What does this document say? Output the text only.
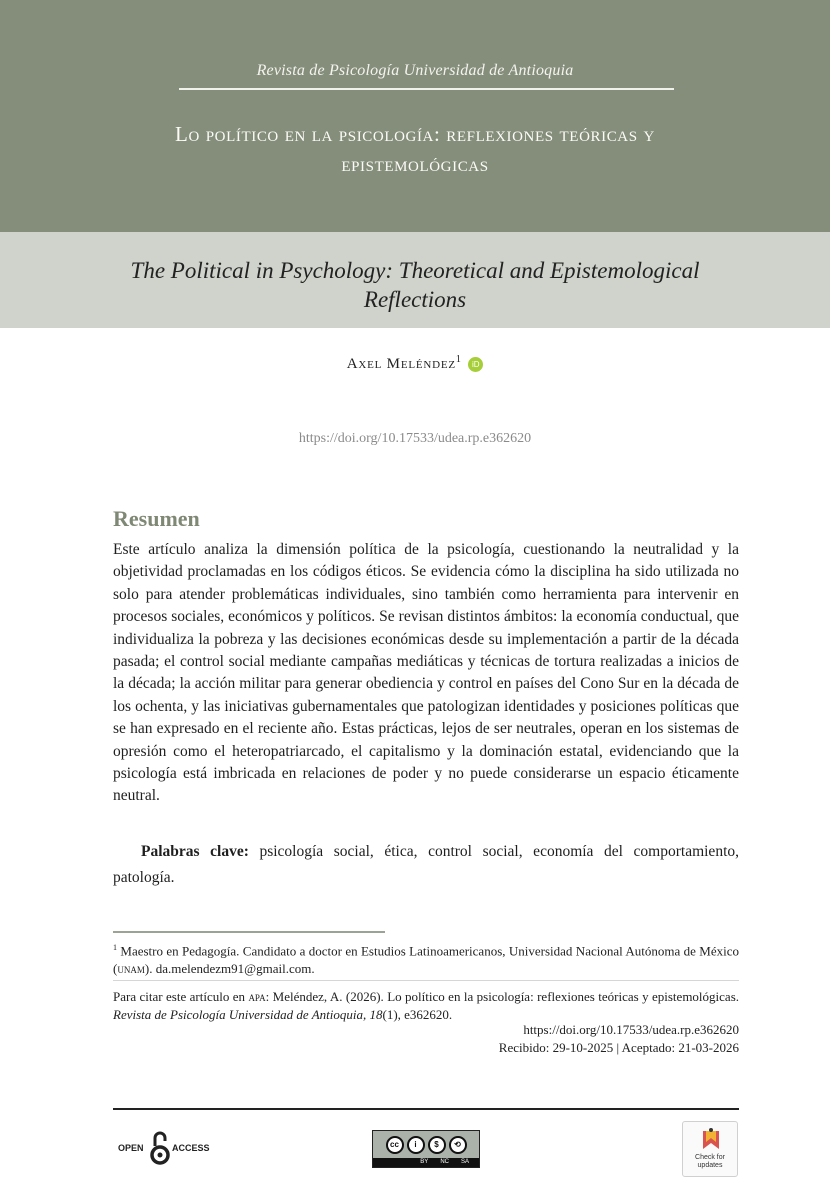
Revista de Psicología Universidad de Antioquia
Lo político en la psicología: reflexiones teóricas y epistemológicas
The Political in Psychology: Theoretical and Epistemological Reflections
Axel Meléndez$^1$ iD
https://doi.org/10.17533/udea.rp.e362620
Resumen

Este artículo analiza la dimensión política de la psicología, cuestionando la neutralidad y la objetividad proclamadas en los códigos éticos. Se evidencia cómo la disciplina ha sido utilizada no solo para atender problemáticas individuales, sino también como herramienta para intervenir en procesos sociales, económicos y políticos. Se revisan distintos ámbitos: la economía conductual, que individualiza la pobreza y las decisiones económicas desde su implementación a partir de la década pasada; el control social mediante campañas mediáticas y técnicas de tortura realizadas a inicios de la década; la acción militar para generar obediencia y control en países del Cono Sur en la década de los ochenta, y las iniciativas gubernamentales que patologizan identidades y posiciones políticas que se han expresado en el reciente año. Estas prácticas, lejos de ser neutrales, operan en los sistemas de opresión como el heteropatriarcado, el capitalismo y la dominación estatal, evidenciando que la psicología está imbricada en relaciones de poder y no puede considerarse un espacio éticamente neutral.

Palabras clave: psicología social, ética, control social, economía del comportamiento, patología.

$^1$ Maestro en Pedagogía. Candidato a doctor en Estudios Latinoamericanos, Universidad Nacional Autónoma de México (unam). da.melendezm91@gmail.com.

Para citar este artículo en apa: Meléndez, A. (2026). Lo político en la psicología: reflexiones teóricas y epistemológicas. Revista de Psicología Universidad de Antioquia, 18(1), e362620.

https://doi.org/10.17533/udea.rp.e362620
Recibido: 29-10-2025 | Aceptado: 21-03-2026
OPEN	ACCESS	cc	i	$	⟲
BY NC SA
Check for
updates
